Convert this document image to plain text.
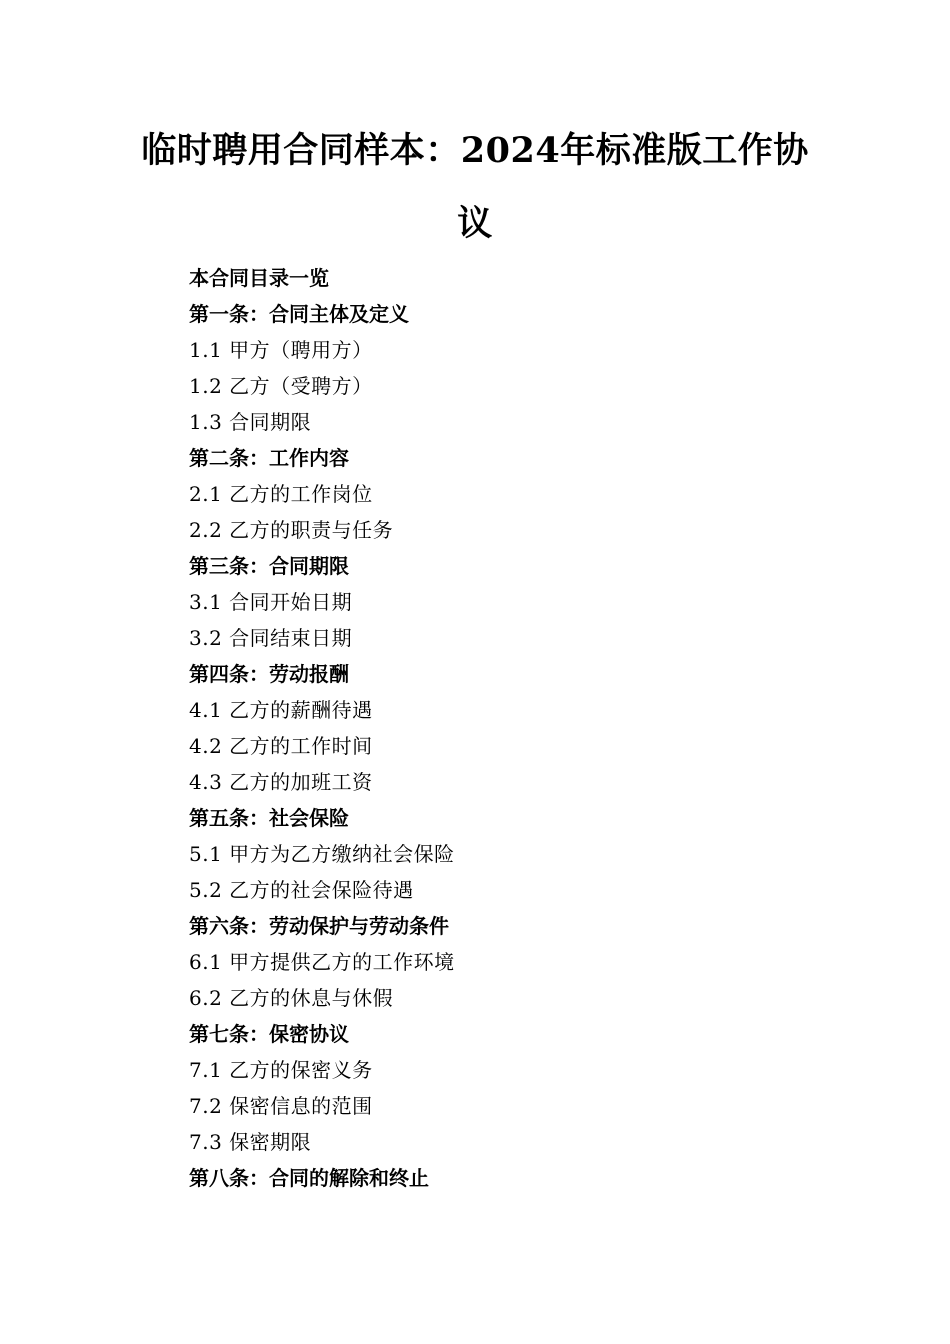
临时聘用合同样本：2024年标准版工作协
议
本合同目录一览
第一条：合同主体及定义
1.1 甲方（聘用方）
1.2 乙方（受聘方）
1.3 合同期限
第二条：工作内容
2.1 乙方的工作岗位
2.2 乙方的职责与任务
第三条：合同期限
3.1 合同开始日期
3.2 合同结束日期
第四条：劳动报酬
4.1 乙方的薪酬待遇
4.2 乙方的工作时间
4.3 乙方的加班工资
第五条：社会保险
5.1 甲方为乙方缴纳社会保险
5.2 乙方的社会保险待遇
第六条：劳动保护与劳动条件
6.1 甲方提供乙方的工作环境
6.2 乙方的休息与休假
第七条：保密协议
7.1 乙方的保密义务
7.2 保密信息的范围
7.3 保密期限
第八条：合同的解除和终止
